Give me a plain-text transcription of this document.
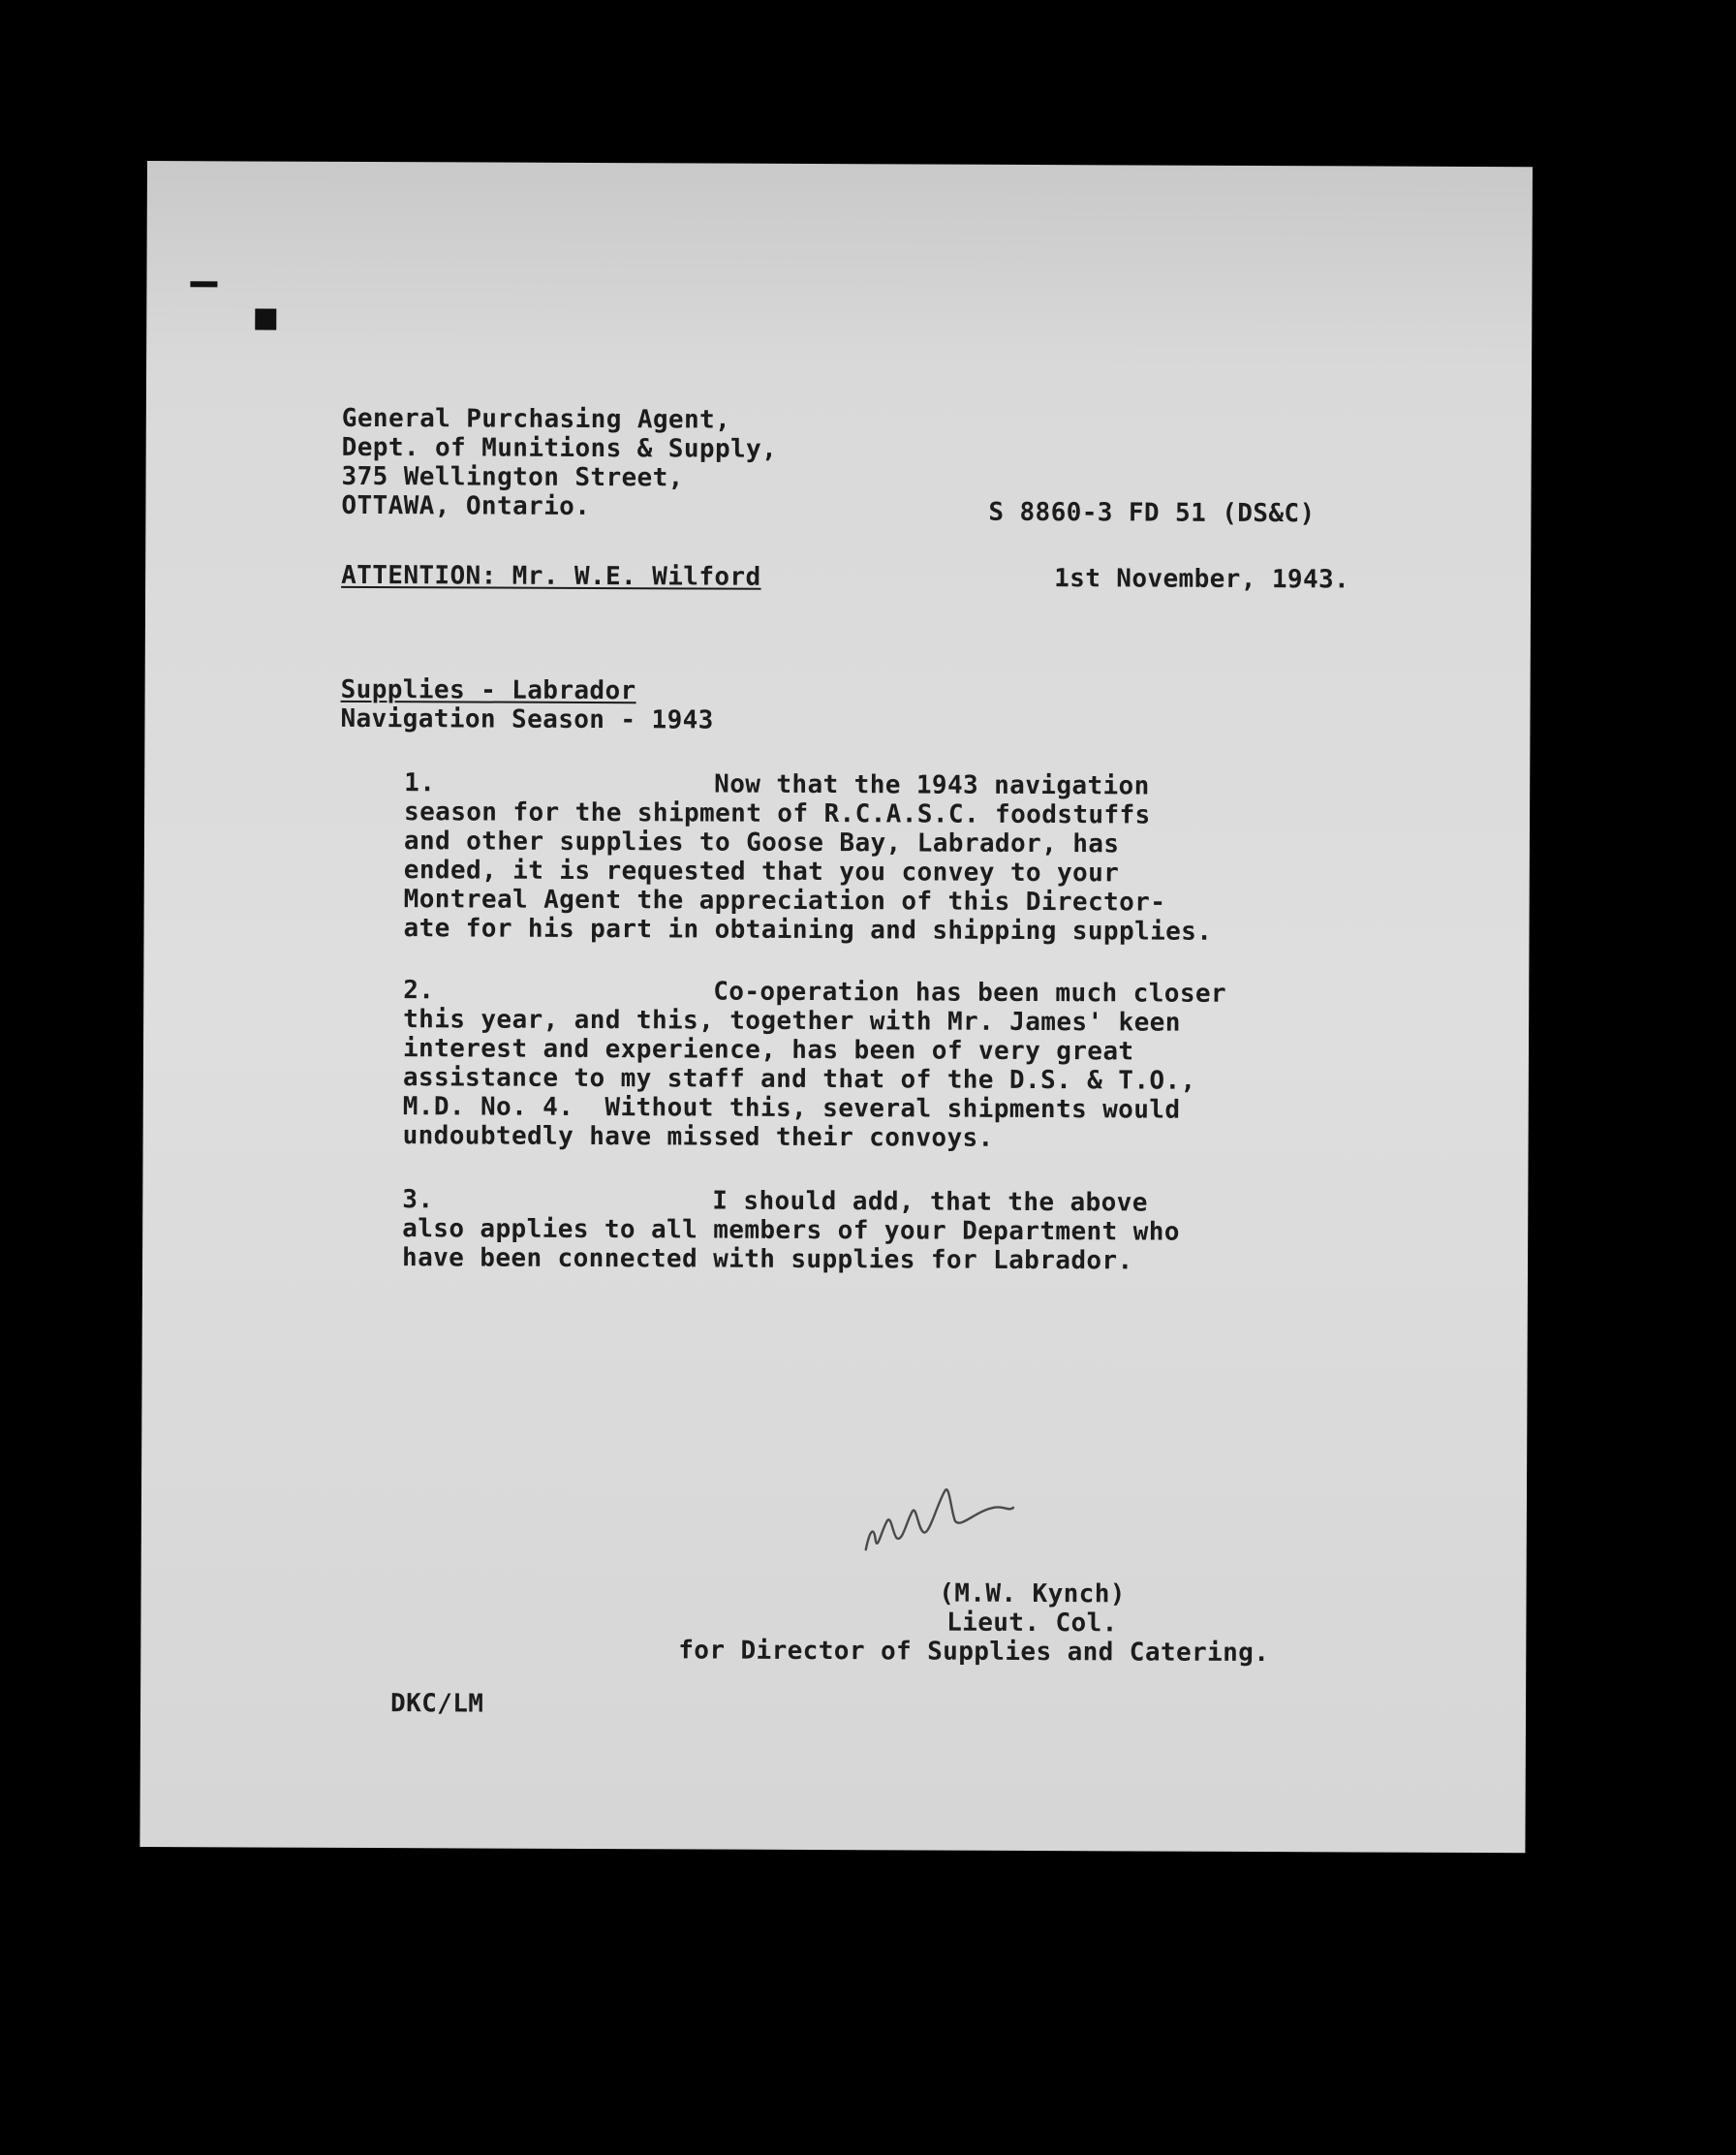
General Purchasing Agent,
Dept. of Munitions & Supply,
375 Wellington Street,
OTTAWA, Ontario.	S 8860-3 FD 51 (DS&C)
ATTENTION: Mr. W.E. Wilford	1st November, 1943.
Supplies - Labrador
Navigation Season - 1943
1.	Now that the 1943 navigation
season for the shipment of R.C.A.S.C. foodstuffs
and other supplies to Goose Bay, Labrador, has
ended, it is requested that you convey to your
Montreal Agent the appreciation of this Director-
ate for his part in obtaining and shipping supplies.
2.	Co-operation has been much closer
this year, and this, together with Mr. James' keen
interest and experience, has been of very great
assistance to my staff and that of the D.S. & T.O.,
M.D. No. 4.  Without this, several shipments would
undoubtedly have missed their convoys.
3.	I should add, that the above
also applies to all members of your Department who
have been connected with supplies for Labrador.
(M.W. Kynch)
Lieut. Col.
for Director of Supplies and Catering.
DKC/LM
